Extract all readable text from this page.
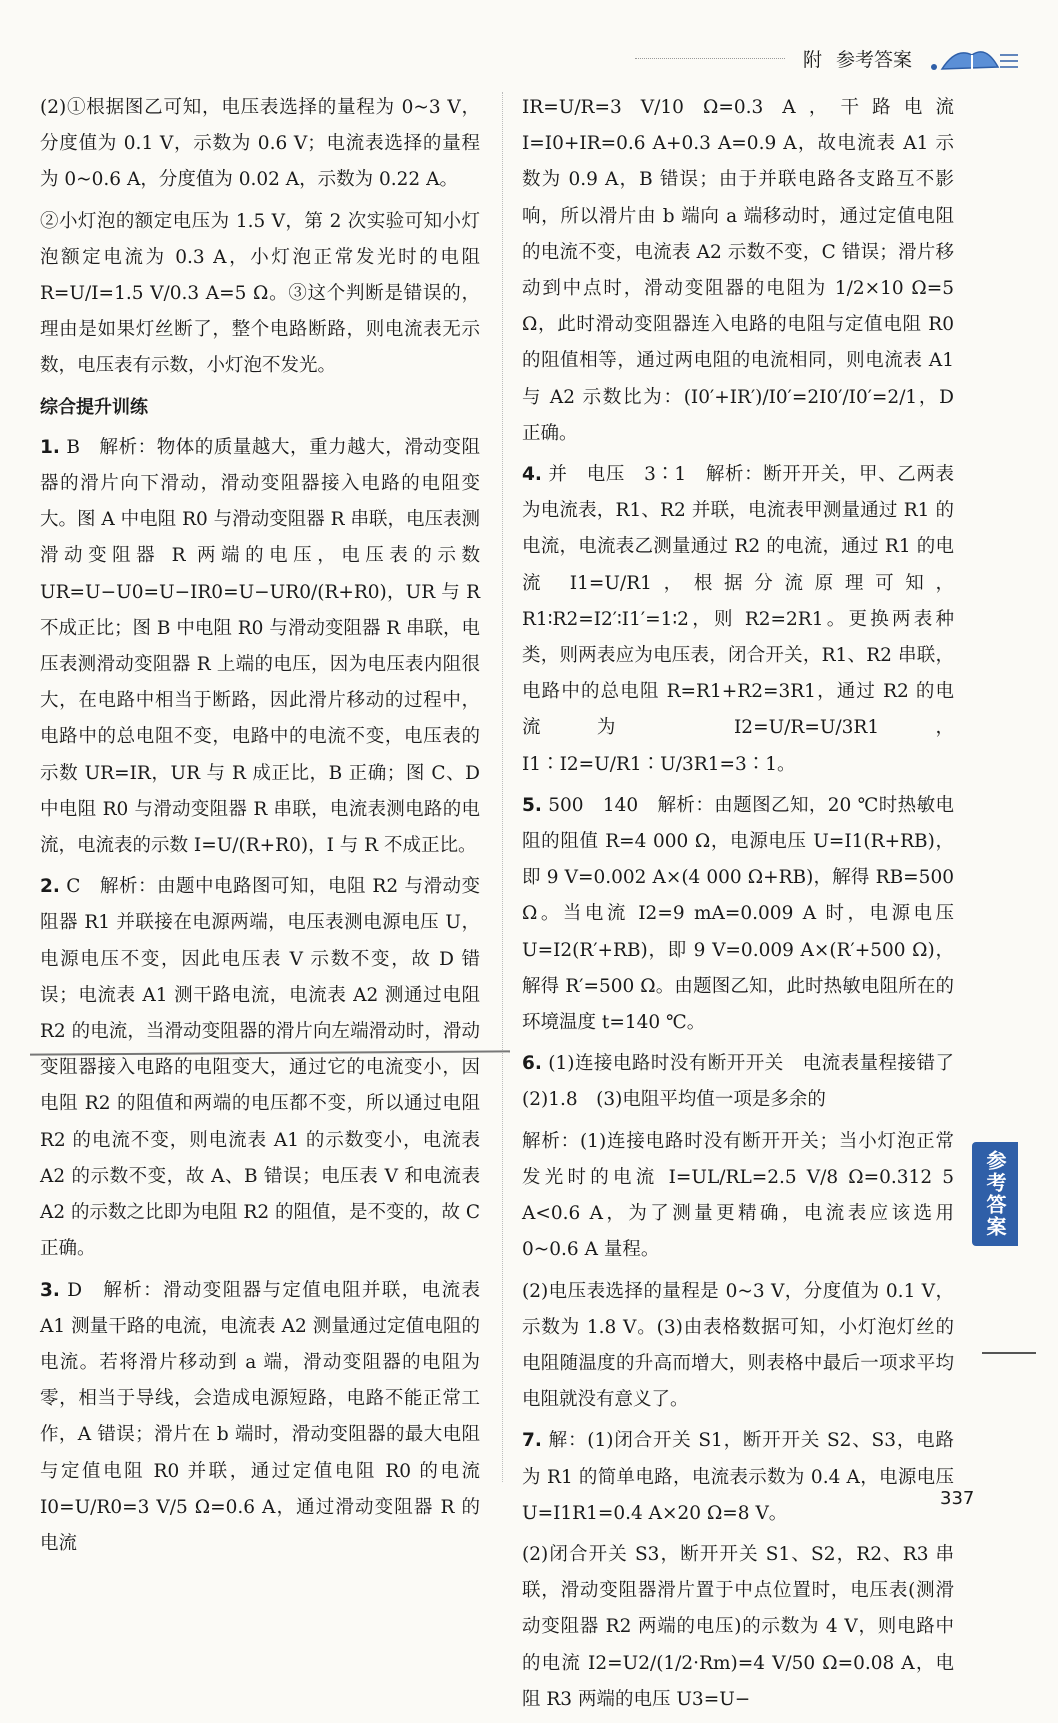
附 参考答案

(2)①根据图乙可知，电压表选择的量程为 0~3 V，分度值为 0.1 V，示数为 0.6 V；电流表选择的量程为 0~0.6 A，分度值为 0.02 A，示数为 0.22 A。

②小灯泡的额定电压为 1.5 V，第 2 次实验可知小灯泡额定电流为 0.3 A，小灯泡正常发光时的电阻 R=U/I=1.5 V/0.3 A=5 Ω。③这个判断是错误的，理由是如果灯丝断了，整个电路断路，则电流表无示数，电压表有示数，小灯泡不发光。

综合提升训练

1. B　解析：物体的质量越大，重力越大，滑动变阻器的滑片向下滑动，滑动变阻器接入电路的电阻变大。图 A 中电阻 R0 与滑动变阻器 R 串联，电压表测滑动变阻器 R 两端的电压，电压表的示数 UR=U−U0=U−IR0=U−UR0/(R+R0)，UR 与 R 不成正比；图 B 中电阻 R0 与滑动变阻器 R 串联，电压表测滑动变阻器 R 上端的电压，因为电压表内阻很大，在电路中相当于断路，因此滑片移动的过程中，电路中的总电阻不变，电路中的电流不变，电压表的示数 UR=IR，UR 与 R 成正比，B 正确；图 C、D 中电阻 R0 与滑动变阻器 R 串联，电流表测电路的电流，电流表的示数 I=U/(R+R0)，I 与 R 不成正比。

2. C　解析：由题中电路图可知，电阻 R2 与滑动变阻器 R1 并联接在电源两端，电压表测电源电压 U，电源电压不变，因此电压表 V 示数不变，故 D 错误；电流表 A1 测干路电流，电流表 A2 测通过电阻 R2 的电流，当滑动变阻器的滑片向左端滑动时，滑动变阻器接入电路的电阻变大，通过它的电流变小，因电阻 R2 的阻值和两端的电压都不变，所以通过电阻 R2 的电流不变，则电流表 A1 的示数变小，电流表 A2 的示数不变，故 A、B 错误；电压表 V 和电流表 A2 的示数之比即为电阻 R2 的阻值，是不变的，故 C 正确。

3. D　解析：滑动变阻器与定值电阻并联，电流表 A1 测量干路的电流，电流表 A2 测量通过定值电阻的电流。若将滑片移动到 a 端，滑动变阻器的电阻为零，相当于导线，会造成电源短路，电路不能正常工作，A 错误；滑片在 b 端时，滑动变阻器的最大电阻与定值电阻 R0 并联，通过定值电阻 R0 的电流 I0=U/R0=3 V/5 Ω=0.6 A，通过滑动变阻器 R 的电流

IR=U/R=3 V/10 Ω=0.3 A，干路电流 I=I0+IR=0.6 A+0.3 A=0.9 A，故电流表 A1 示数为 0.9 A，B 错误；由于并联电路各支路互不影响，所以滑片由 b 端向 a 端移动时，通过定值电阻的电流不变，电流表 A2 示数不变，C 错误；滑片移动到中点时，滑动变阻器的电阻为 1/2×10 Ω=5 Ω，此时滑动变阻器连入电路的电阻与定值电阻 R0 的阻值相等，通过两电阻的电流相同，则电流表 A1 与 A2 示数比为：(I0′+IR′)/I0′=2I0′/I0′=2/1，D 正确。

4. 并　电压　3∶1　解析：断开开关，甲、乙两表为电流表，R1、R2 并联，电流表甲测量通过 R1 的电流，电流表乙测量通过 R2 的电流，通过 R1 的电流 I1=U/R1，根据分流原理可知，R1∶R2=I2′∶I1′=1∶2，则 R2=2R1。更换两表种类，则两表应为电压表，闭合开关，R1、R2 串联，电路中的总电阻 R=R1+R2=3R1，通过 R2 的电流为 I2=U/R=U/3R1，I1∶I2=U/R1∶U/3R1=3∶1。

5. 500　140　解析：由题图乙知，20 ℃时热敏电阻的阻值 R=4 000 Ω，电源电压 U=I1(R+RB)，即 9 V=0.002 A×(4 000 Ω+RB)，解得 RB=500 Ω。当电流 I2=9 mA=0.009 A 时，电源电压 U=I2(R′+RB)，即 9 V=0.009 A×(R′+500 Ω)，解得 R′=500 Ω。由题图乙知，此时热敏电阻所在的环境温度 t=140 ℃。

6. (1)连接电路时没有断开开关　电流表量程接错了　(2)1.8　(3)电阻平均值一项是多余的

解析：(1)连接电路时没有断开开关；当小灯泡正常发光时的电流 I=UL/RL=2.5 V/8 Ω=0.312 5 A<0.6 A，为了测量更精确，电流表应该选用 0~0.6 A 量程。

(2)电压表选择的量程是 0~3 V，分度值为 0.1 V，示数为 1.8 V。(3)由表格数据可知，小灯泡灯丝的电阻随温度的升高而增大，则表格中最后一项求平均电阻就没有意义了。

7. 解：(1)闭合开关 S1，断开开关 S2、S3，电路为 R1 的简单电路，电流表示数为 0.4 A，电源电压 U=I1R1=0.4 A×20 Ω=8 V。

(2)闭合开关 S3，断开开关 S1、S2，R2、R3 串联，滑动变阻器滑片置于中点位置时，电压表(测滑动变阻器 R2 两端的电压)的示数为 4 V，则电路中的电流 I2=U2/(1/2·Rm)=4 V/50 Ω=0.08 A，电阻 R3 两端的电压 U3=U−

参考答案
337
